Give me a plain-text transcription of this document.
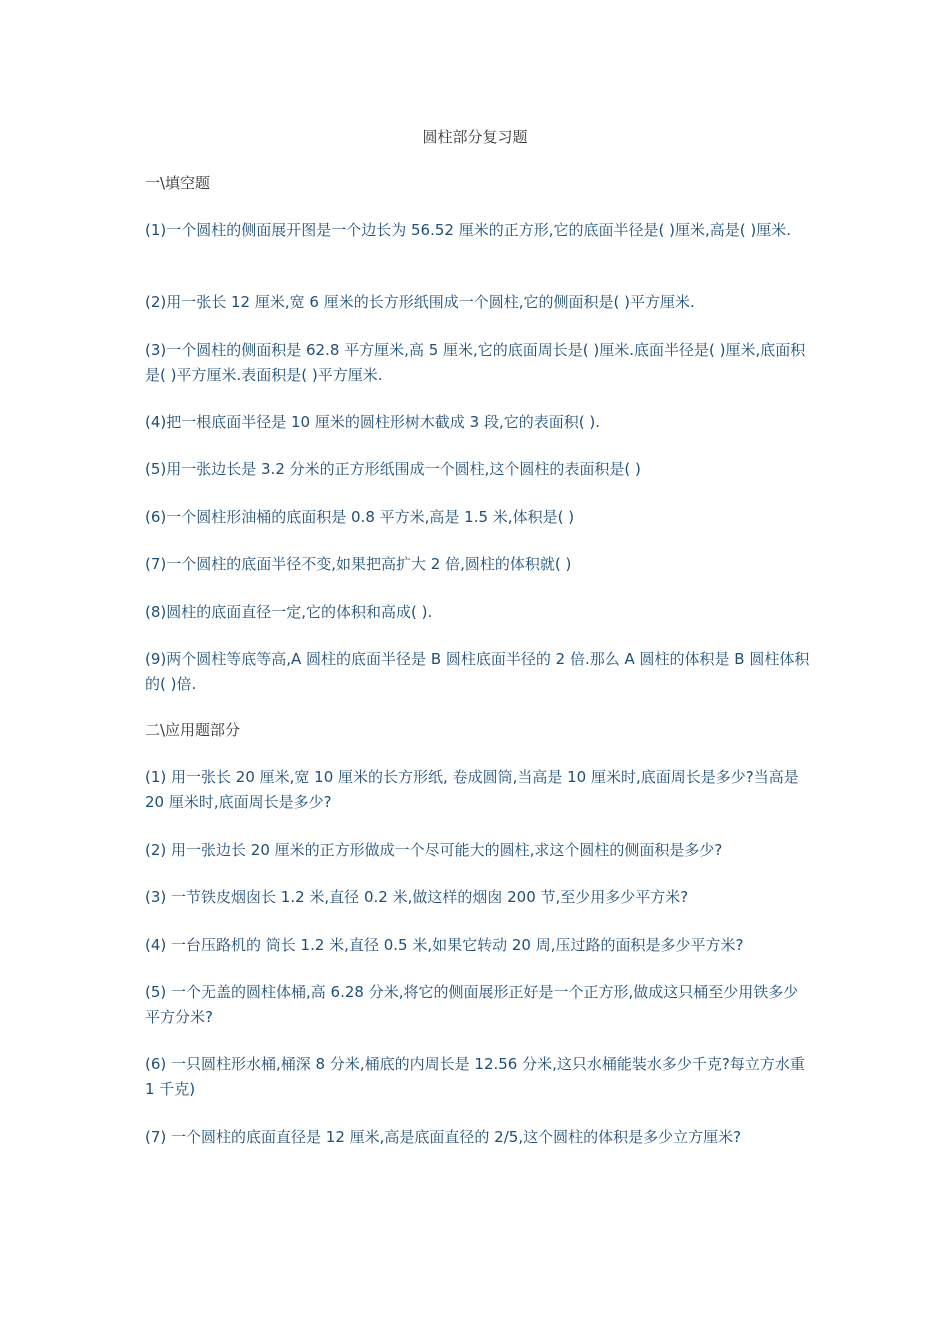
圆柱部分复习题
一\填空题
(1)一个圆柱的侧面展开图是一个边长为 56.52 厘米的正方形,它的底面半径是( )厘米,高是( )厘米.
(2)用一张长 12 厘米,宽 6 厘米的长方形纸围成一个圆柱,它的侧面积是( )平方厘米.
(3)一个圆柱的侧面积是 62.8 平方厘米,高 5 厘米,它的底面周长是( )厘米.底面半径是( )厘米,底面积是( )平方厘米.表面积是( )平方厘米.
(4)把一根底面半径是 10 厘米的圆柱形树木截成 3 段,它的表面积( ).
(5)用一张边长是 3.2 分米的正方形纸围成一个圆柱,这个圆柱的表面积是( )
(6)一个圆柱形油桶的底面积是 0.8 平方米,高是 1.5 米,体积是( )
(7)一个圆柱的底面半径不变,如果把高扩大 2 倍,圆柱的体积就( )
(8)圆柱的底面直径一定,它的体积和高成( ).
(9)两个圆柱等底等高,A 圆柱的底面半径是 B 圆柱底面半径的 2 倍.那么 A 圆柱的体积是 B 圆柱体积的( )倍.
二\应用题部分
(1) 用一张长 20 厘米,宽 10 厘米的长方形纸, 卷成圆筒,当高是 10 厘米时,底面周长是多少?当高是 20 厘米时,底面周长是多少?
(2) 用一张边长 20 厘米的正方形做成一个尽可能大的圆柱,求这个圆柱的侧面积是多少?
(3) 一节铁皮烟囱长 1.2 米,直径 0.2 米,做这样的烟囱 200 节,至少用多少平方米?
(4) 一台压路机的 筒长 1.2 米,直径 0.5 米,如果它转动 20 周,压过路的面积是多少平方米?
(5) 一个无盖的圆柱体桶,高 6.28 分米,将它的侧面展形正好是一个正方形,做成这只桶至少用铁多少平方分米?
(6) 一只圆柱形水桶,桶深 8 分米,桶底的内周长是 12.56 分米,这只水桶能装水多少千克?每立方水重 1 千克)
(7) 一个圆柱的底面直径是 12 厘米,高是底面直径的 2/5,这个圆柱的体积是多少立方厘米?
